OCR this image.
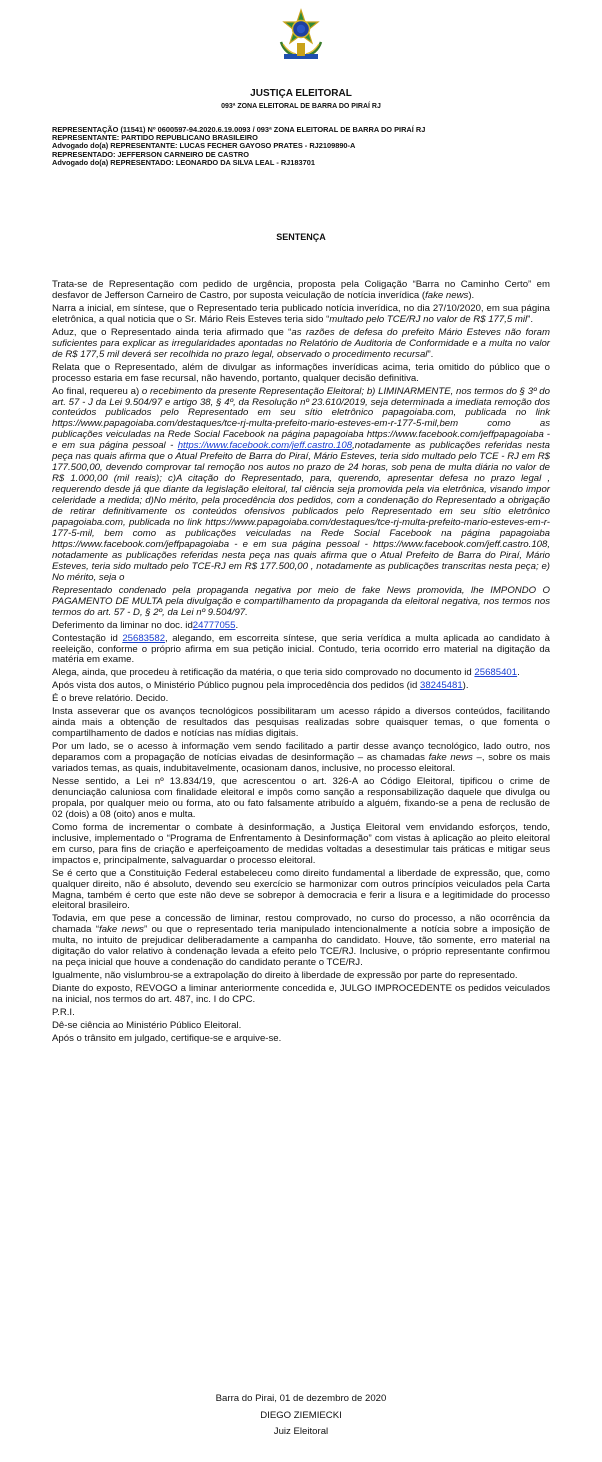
JUSTIÇA ELEITORAL
093ª ZONA ELEITORAL DE BARRA DO PIRAÍ RJ
REPRESENTAÇÃO (11541) Nº 0600597-94.2020.6.19.0093 / 093ª ZONA ELEITORAL DE BARRA DO PIRAÍ RJ
REPRESENTANTE: PARTIDO REPUBLICANO BRASILEIRO
Advogado do(a) REPRESENTANTE: LUCAS FECHER GAYOSO PRATES - RJ2109890-A
REPRESENTADO: JEFFERSON CARNEIRO DE CASTRO
Advogado do(a) REPRESENTADO: LEONARDO DA SILVA LEAL - RJ183701
SENTENÇA

Trata-se de Representação com pedido de urgência, proposta pela Coligação “Barra no Caminho Certo” em desfavor de Jefferson Carneiro de Castro, por suposta veiculação de notícia inverídica (fake news).

Narra a inicial, em síntese, que o Representado teria publicado notícia inverídica, no dia 27/10/2020, em sua página eletrônica, a qual noticia que o Sr. Mário Reis Esteves teria sido “multado pelo TCE/RJ no valor de R$ 177,5 mil”.

Aduz, que o Representado ainda teria afirmado que “as razões de defesa do prefeito Mário Esteves não foram suficientes para explicar as irregularidades apontadas no Relatório de Auditoria de Conformidade e a multa no valor de R$ 177,5 mil deverá ser recolhida no prazo legal, observado o procedimento recursal”.

Relata que o Representado, além de divulgar as informações inverídicas acima, teria omitido do público que o processo estaria em fase recursal, não havendo, portanto, qualquer decisão definitiva.

Ao final, requereu a) o recebimento da presente Representação Eleitoral; b) LIMINARMENTE, nos termos do § 3º do art. 57 - J da Lei 9.504/97 e artigo 38, § 4º, da Resolução nº 23.610/2019, seja determinada a imediata remoção dos conteúdos publicados pelo Representado em seu sítio eletrônico papagoiaba.com, publicada no link https://www.papagoiaba.com/destaques/tce-rj-multa-prefeito-mario-esteves-em-r-177-5-mil,bem como as publicações veiculadas na Rede Social Facebook na página papagoiaba https://www.facebook.com/jeffpapagoiaba - e em sua página pessoal - https://www.facebook.com/jeff.castro.108,notadamente as publicações referidas nesta peça nas quais afirma que o Atual Prefeito de Barra do Piraí, Mário Esteves, teria sido multado pelo TCE - RJ em R$ 177.500,00, devendo comprovar tal remoção nos autos no prazo de 24 horas, sob pena de multa diária no valor de R$ 1.000,00 (mil reais); c)A citação do Representado, para, querendo, apresentar defesa no prazo legal , requerendo desde já que diante da legislação eleitoral, tal ciência seja promovida pela via eletrônica, visando impor celeridade a medida; d)No mérito, pela procedência dos pedidos, com a condenação do Representado a obrigação de retirar definitivamente os conteúdos ofensivos publicados pelo Representado em seu sítio eletrônico papagoiaba.com, publicada no link https://www.papagoiaba.com/destaques/tce-rj-multa-prefeito-mario-esteves-em-r-177-5-mil, bem como as publicações veiculadas na Rede Social Facebook na página papagoiaba https://www.facebook.com/jeffpapagoiaba - e em sua página pessoal - https://www.facebook.com/jeff.castro.108, notadamente as publicações referidas nesta peça nas quais afirma que o Atual Prefeito de Barra do Piraí, Mário Esteves, teria sido multado pelo TCE-RJ em R$ 177.500,00 , notadamente as publicações transcritas nesta peça; e) No mérito, seja o

Representado condenado pela propaganda negativa por meio de fake News promovida, lhe IMPONDO O PAGAMENTO DE MULTA pela divulgação e compartilhamento da propaganda da eleitoral negativa, nos termos nos termos do art. 57 - D, § 2º, da Lei nº 9.504/97.

Deferimento da liminar no doc. id24777055.

Contestação id 25683582, alegando, em escorreita síntese, que seria verídica a multa aplicada ao candidato à reeleição, conforme o próprio afirma em sua petição inicial. Contudo, teria ocorrido erro material na digitação da matéria em exame.

Alega, ainda, que procedeu à retificação da matéria, o que teria sido comprovado no documento id 25685401.

Após vista dos autos, o Ministério Público pugnou pela improcedência dos pedidos (id 38245481).

É o breve relatório. Decido.

Insta asseverar que os avanços tecnológicos possibilitaram um acesso rápido a diversos conteúdos, facilitando ainda mais a obtenção de resultados das pesquisas realizadas sobre quaisquer temas, o que fomenta o compartilhamento de dados e notícias nas mídias digitais.

Por um lado, se o acesso à informação vem sendo facilitado a partir desse avanço tecnológico, lado outro, nos deparamos com a propagação de notícias eivadas de desinformação – as chamadas fake news –, sobre os mais variados temas, as quais, indubitavelmente, ocasionam danos, inclusive, no processo eleitoral.

Nesse sentido, a Lei nº 13.834/19, que acrescentou o art. 326-A ao Código Eleitoral, tipificou o crime de denunciação caluniosa com finalidade eleitoral e impôs como sanção a responsabilização daquele que divulga ou propala, por qualquer meio ou forma, ato ou fato falsamente atribuído a alguém, fixando-se a pena de reclusão de 02 (dois) a 08 (oito) anos e multa.

Como forma de incrementar o combate à desinformação, a Justiça Eleitoral vem envidando esforços, tendo, inclusive, implementado o “Programa de Enfrentamento à Desinformação” com vistas à aplicação ao pleito eleitoral em curso, para fins de criação e aperfeiçoamento de medidas voltadas a desestimular tais práticas e mitigar seus impactos e, principalmente, salvaguardar o processo eleitoral.

Se é certo que a Constituição Federal estabeleceu como direito fundamental a liberdade de expressão, que, como qualquer direito, não é absoluto, devendo seu exercício se harmonizar com outros princípios veiculados pela Carta Magna, também é certo que este não deve se sobrepor à democracia e ferir a lisura e a legitimidade do processo eleitoral brasileiro.

Todavia, em que pese a concessão de liminar, restou comprovado, no curso do processo, a não ocorrência da chamada “fake news” ou que o representado teria manipulado intencionalmente a notícia sobre a imposição de multa, no intuito de prejudicar deliberadamente a campanha do candidato. Houve, tão somente, erro material na digitação do valor relativo à condenação levada a efeito pelo TCE/RJ. Inclusive, o próprio representante confirmou na peça inicial que houve a condenação do candidato perante o TCE/RJ.

Igualmente, não vislumbrou-se a extrapolação do direito à liberdade de expressão por parte do representado.

Diante do exposto, REVOGO a liminar anteriormente concedida e, JULGO IMPROCEDENTE os pedidos veiculados na inicial, nos termos do art. 487, inc. I do CPC.

P.R.I.

Dê-se ciência ao Ministério Público Eleitoral.

Após o trânsito em julgado, certifique-se e arquive-se.

Barra do Pirai, 01 de dezembro de 2020
DIEGO ZIEMIECKI
Juiz Eleitoral
